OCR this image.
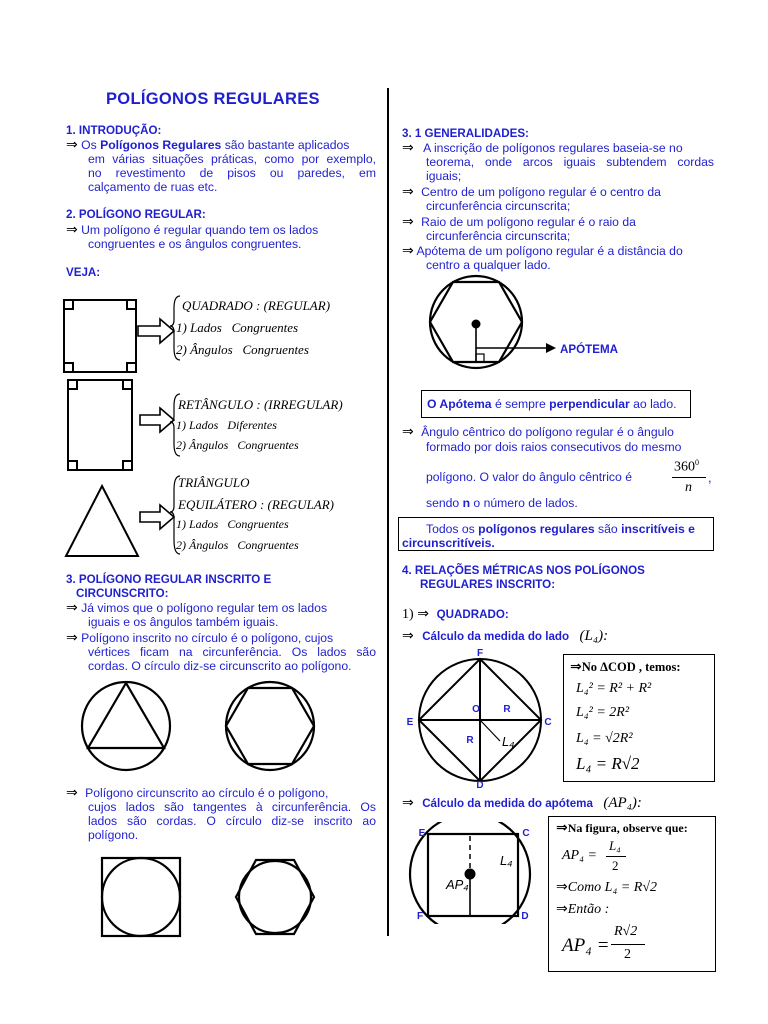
POLÍGONOS REGULARES
1. INTRODUÇÃO:
⇒ Os Polígonos Regulares são bastante aplicados
em várias situações práticas, como por exemplo,
no revestimento de pisos ou paredes, em
calçamento de ruas etc.
2. POLÍGONO REGULAR:
⇒ Um polígono é regular quando tem os lados
congruentes e os ângulos congruentes.
VEJA:
QUADRADO : (REGULAR)
1) Lados   Congruentes
2) Ângulos   Congruentes
RETÂNGULO : (IRREGULAR)
1) Lados   Diferentes
2) Ângulos   Congruentes
TRIÂNGULO
EQUILÁTERO : (REGULAR)
1) Lados   Congruentes
2) Ângulos   Congruentes
3. POLÍGONO REGULAR INSCRITO E
CIRCUNSCRITO:
⇒ Já vimos que o polígono regular tem os lados
iguais e os ângulos também iguais.
⇒ Polígono inscrito no círculo é o polígono, cujos
vértices ficam na circunferência. Os lados são
cordas. O círculo diz-se circunscrito ao polígono.
⇒ Polígono circunscrito ao círculo é o polígono,
cujos lados são tangentes à circunferência. Os
lados são cordas. O círculo diz-se inscrito ao
polígono.
3. 1 GENERALIDADES:
⇒ A inscrição de polígonos regulares baseia-se no
teorema, onde arcos iguais subtendem cordas
iguais;
⇒ Centro de um polígono regular é o centro da
circunferência circunscrita;
⇒ Raio de um polígono regular é o raio da
circunferência circunscrita;
⇒ Apótema de um polígono regular é a distância do
centro a qualquer lado.
APÓTEMA
O Apótema é sempre perpendicular ao lado.
⇒ Ângulo cêntrico do polígono regular é o ângulo
formado por dois raios consecutivos do mesmo
polígono. O valor do ângulo cêntrico é
$360^0$
n
,
sendo n o número de lados.
Todos os polígonos regulares são inscritíveis e
circunscritíveis.
4. RELAÇÕES MÉTRICAS NOS POLÍGONOS
REGULARES INSCRITO:
1) ⇒ QUADRADO:
⇒ Cálculo da medida do lado (L₄):
F
E	C
D
O R
R L₄
⇒No ΔCOD , temos:
L₄² = R² + R²
L₄² = 2R²
L₄ = √2R²
L₄ = R√2
⇒ Cálculo da medida do apótema (AP₄):
E	C
F	D
AP₄
L₄
⇒Na figura, observe que:
AP₄ =
L₄
2
⇒Como L₄ = R√2
⇒Então :
AP₄ =
R√2
2
